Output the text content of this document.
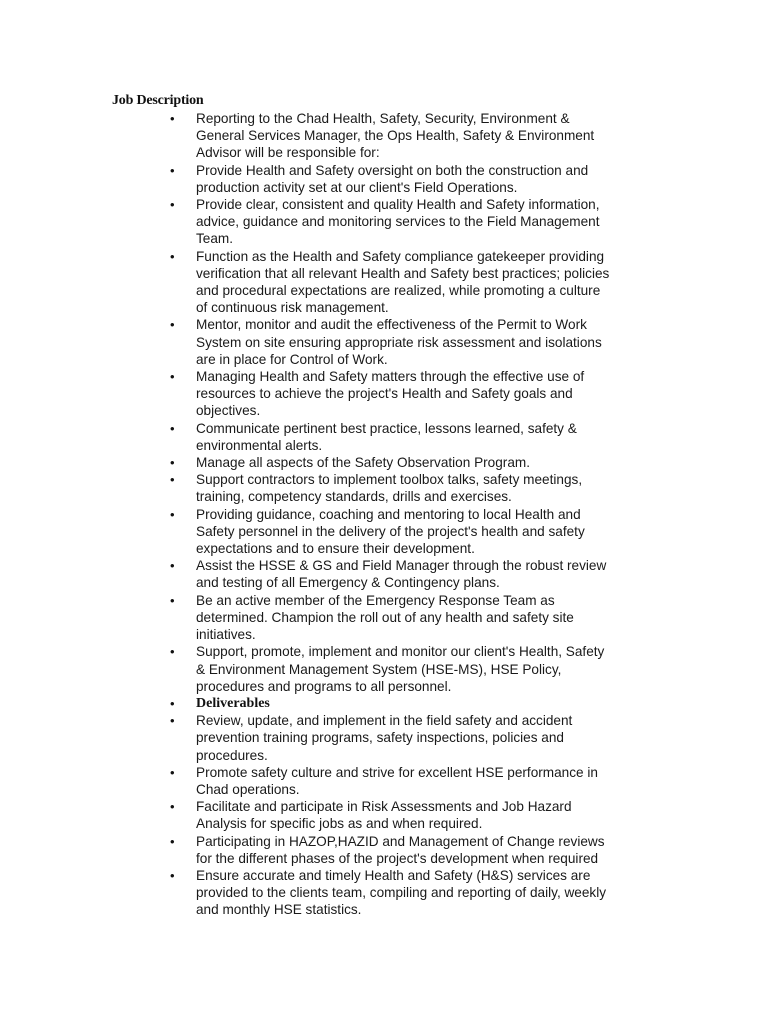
Job Description
• Reporting to the Chad Health, Safety, Security, Environment &
General Services Manager, the Ops Health, Safety & Environment
Advisor will be responsible for:
• Provide Health and Safety oversight on both the construction and
production activity set at our client's Field Operations.
• Provide clear, consistent and quality Health and Safety information,
advice, guidance and monitoring services to the Field Management
Team.
• Function as the Health and Safety compliance gatekeeper providing
verification that all relevant Health and Safety best practices; policies
and procedural expectations are realized, while promoting a culture
of continuous risk management.
• Mentor, monitor and audit the effectiveness of the Permit to Work
System on site ensuring appropriate risk assessment and isolations
are in place for Control of Work.
• Managing Health and Safety matters through the effective use of
resources to achieve the project's Health and Safety goals and
objectives.
• Communicate pertinent best practice, lessons learned, safety &
environmental alerts.
• Manage all aspects of the Safety Observation Program.
• Support contractors to implement toolbox talks, safety meetings,
training, competency standards, drills and exercises.
• Providing guidance, coaching and mentoring to local Health and
Safety personnel in the delivery of the project's health and safety
expectations and to ensure their development.
• Assist the HSSE & GS and Field Manager through the robust review
and testing of all Emergency & Contingency plans.
• Be an active member of the Emergency Response Team as
determined. Champion the roll out of any health and safety site
initiatives.
• Support, promote, implement and monitor our client's Health, Safety
& Environment Management System (HSE-MS), HSE Policy,
procedures and programs to all personnel.
• Deliverables
• Review, update, and implement in the field safety and accident
prevention training programs, safety inspections, policies and
procedures.
• Promote safety culture and strive for excellent HSE performance in
Chad operations.
• Facilitate and participate in Risk Assessments and Job Hazard
Analysis for specific jobs as and when required.
• Participating in HAZOP,HAZID and Management of Change reviews
for the different phases of the project's development when required
• Ensure accurate and timely Health and Safety (H&S) services are
provided to the clients team, compiling and reporting of daily, weekly
and monthly HSE statistics.
